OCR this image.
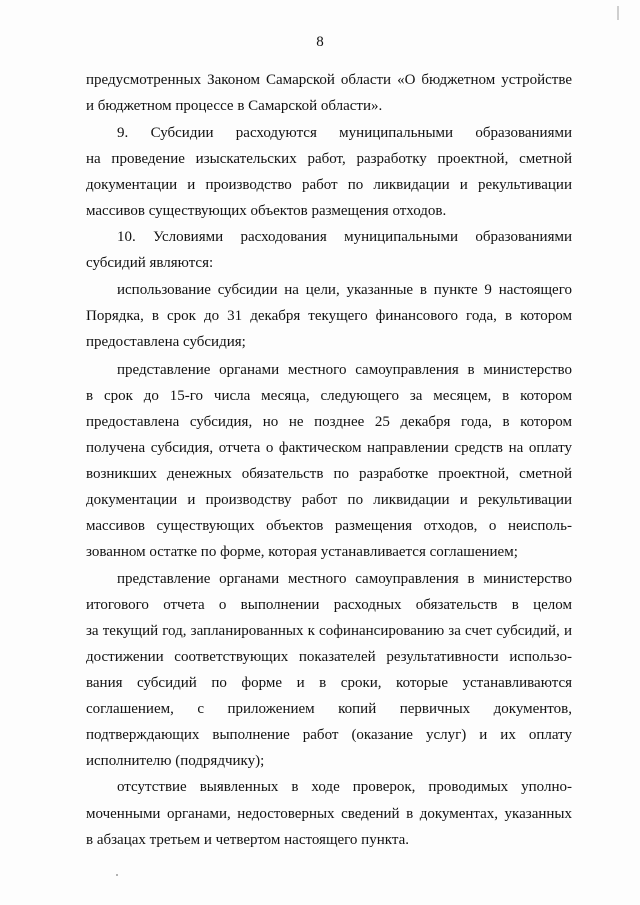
8
предусмотренных Законом Самарской области «О бюджетном устройстве
и бюджетном процессе в Самарской области».
9. Субсидии расходуются муниципальными образованиями
на проведение изыскательских работ, разработку проектной, сметной
документации и производство работ по ликвидации и рекультивации
массивов существующих объектов размещения отходов.
10. Условиями расходования муниципальными образованиями
субсидий являются:
использование субсидии на цели, указанные в пункте 9 настоящего
Порядка, в срок до 31 декабря текущего финансового года, в котором
предоставлена субсидия;
представление органами местного самоуправления в министерство
в срок до 15-го числа месяца, следующего за месяцем, в котором
предоставлена субсидия, но не позднее 25 декабря года, в котором
получена субсидия, отчета о фактическом направлении средств на оплату
возникших денежных обязательств по разработке проектной, сметной
документации и производству работ по ликвидации и рекультивации
массивов существующих объектов размещения отходов, о неисполь-
зованном остатке по форме, которая устанавливается соглашением;
представление органами местного самоуправления в министерство
итогового отчета о выполнении расходных обязательств в целом
за текущий год, запланированных к софинансированию за счет субсидий, и
достижении соответствующих показателей результативности использо-
вания субсидий по форме и в сроки, которые устанавливаются
соглашением, с приложением копий первичных документов,
подтверждающих выполнение работ (оказание услуг) и их оплату
исполнителю (подрядчику);
отсутствие выявленных в ходе проверок, проводимых уполно-
моченными органами, недостоверных сведений в документах, указанных
в абзацах третьем и четвертом настоящего пункта.
